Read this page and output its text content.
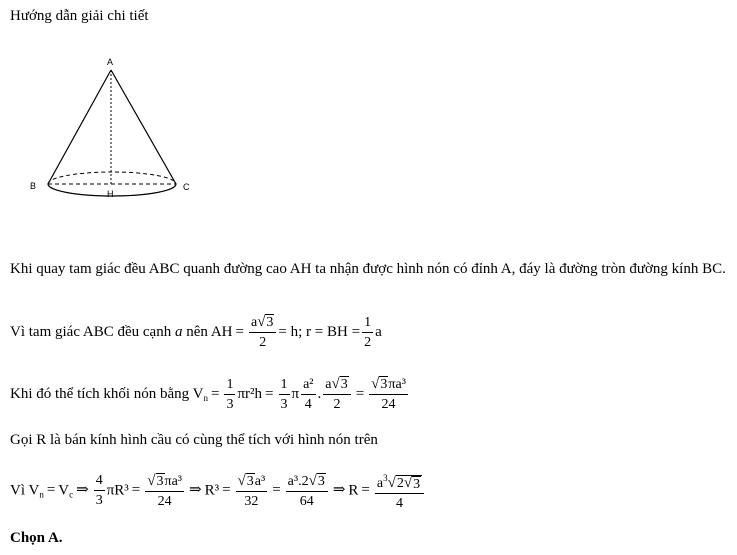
Hướng dẫn giải chi tiết
A
B	C
H
Khi quay tam giác đều ABC quanh đường cao AH ta nhận được hình nón có đỉnh A, đáy là đường tròn đường kính BC.
Vì tam giác ABC đều cạnh a nên AH = $\frac{a √ 3}{2} = h$; r = BH = $\frac{1}{2}$ a
Khi đó thể tích khối nón bằng $V_n = \frac{1}{3} \pi r^2h = \frac{1}{3}$ π $\frac{\text{a²}}{4}$ . $\frac{a √ 3}{2} = \frac{\text{√ 3 πa³}}{24}$
Gọi R là bán kính hình cầu có cùng thể tích với hình nón trên
Vì $V_n = V_c$ ⇒ $\frac{4}{3} \pi R^3 = \frac{\text{√ 3 πa³}}{24}$ ⇒ $R^3 = \frac{\text{√ 3 a³}}{32} = \frac{\text{a³.2 √ 3}}{64}$ ⇒ $R = \frac{a^3 √ 2 √ 3}{4}$
Chọn A.
